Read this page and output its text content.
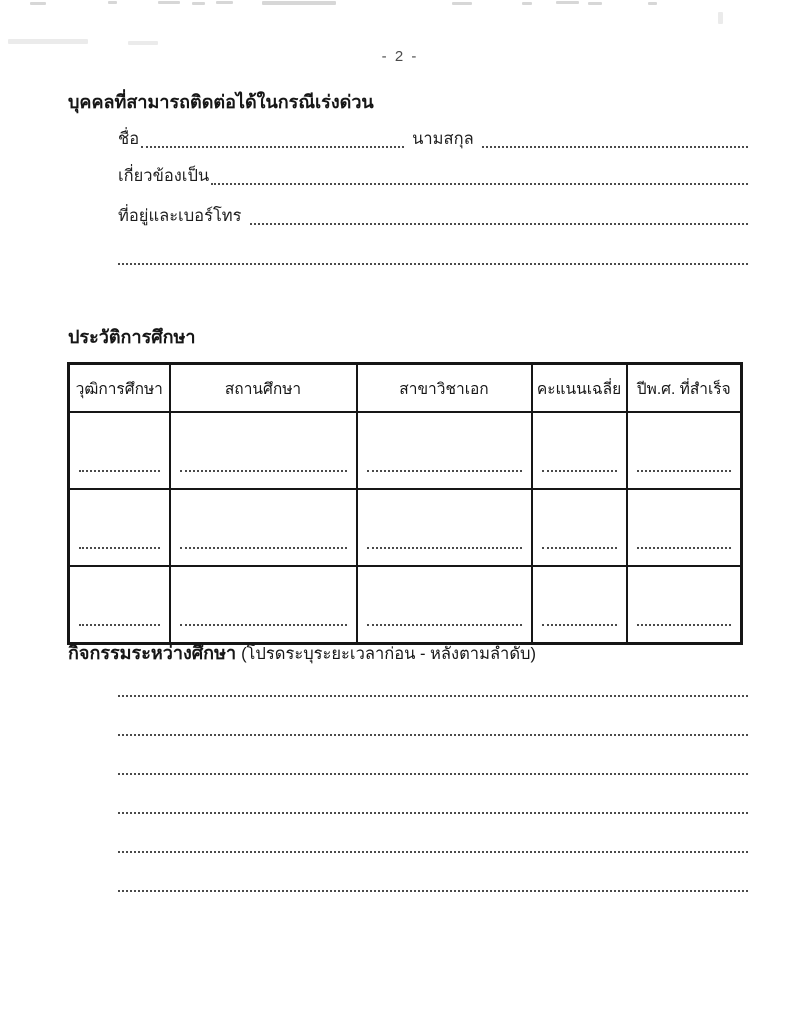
- 2 -
บุคคลที่สามารถติดต่อได้ในกรณีเร่งด่วน
ชื่อ	นามสกุล
เกี่ยวข้องเป็น
ที่อยู่และเบอร์โทร
ประวัติการศึกษา
วุฒิการศึกษา	สถานศึกษา	สาขาวิชาเอก	คะแนนเฉลี่ย	ปีพ.ศ. ที่สำเร็จ

กิจกรรมระหว่างศึกษา (โปรดระบุระยะเวลาก่อน - หลังตามลำดับ)
